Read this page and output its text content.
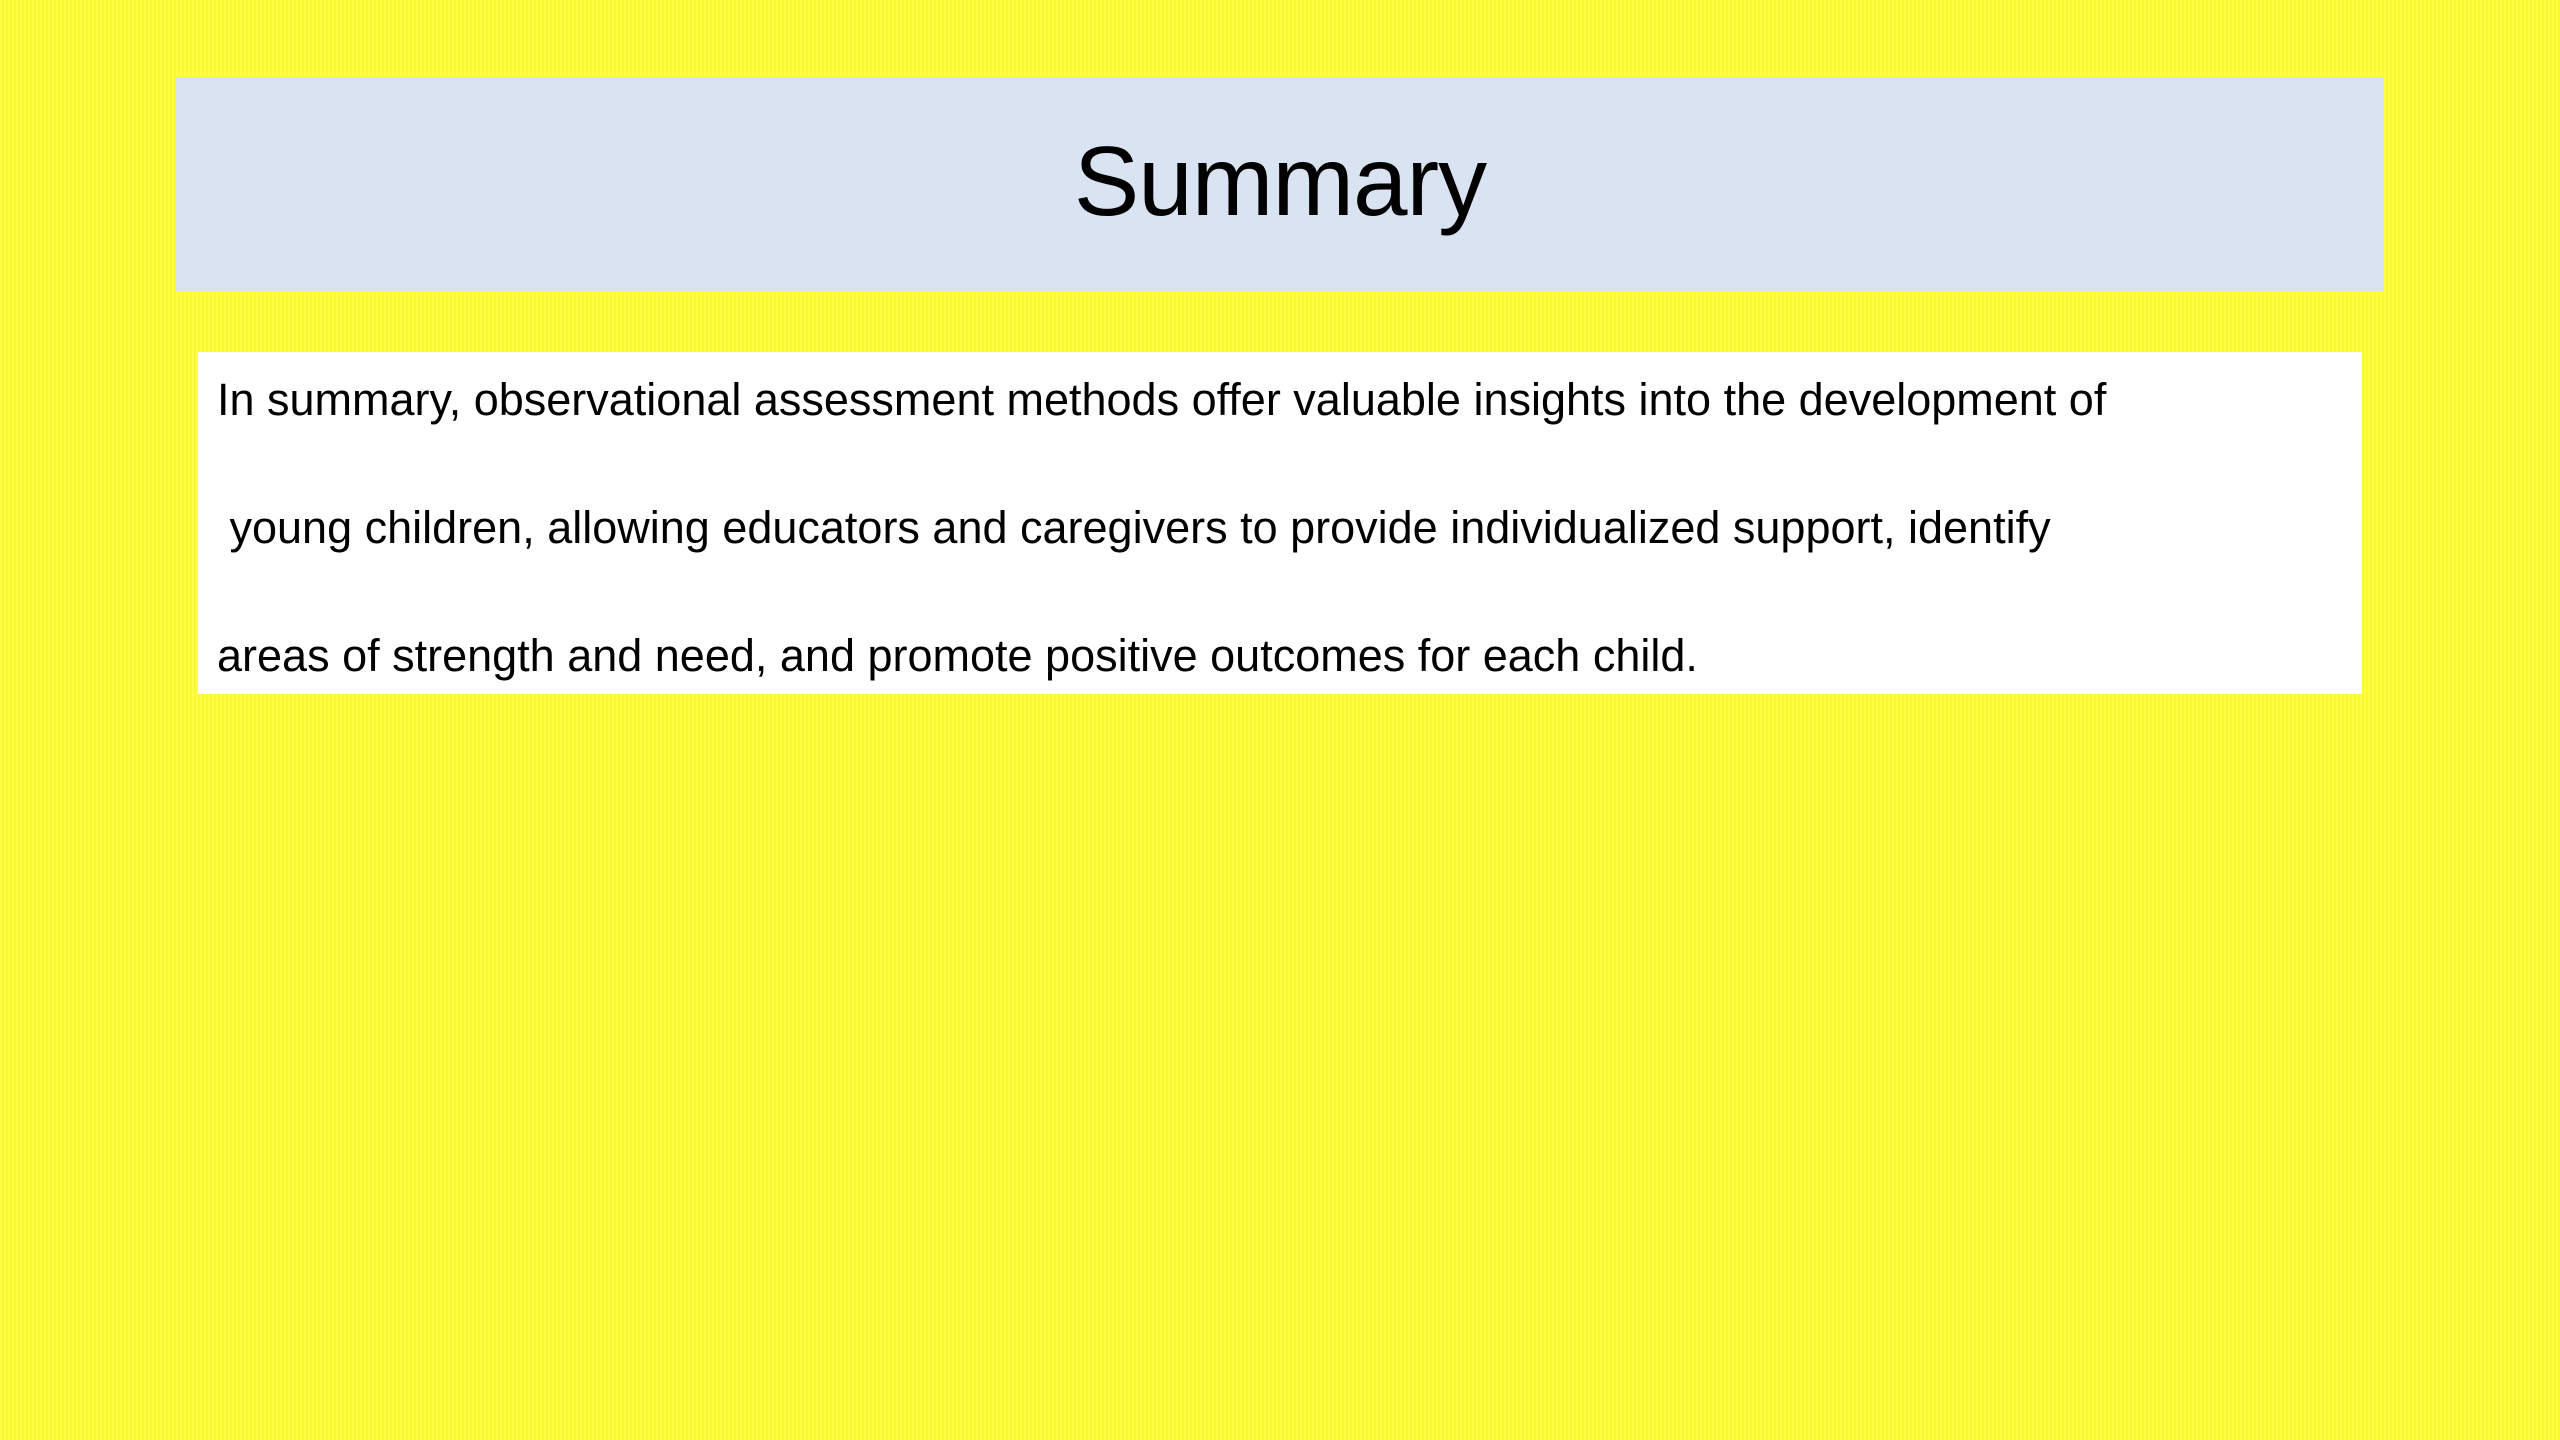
Summary
In summary, observational assessment methods offer valuable insights into the development of
young children, allowing educators and caregivers to provide individualized support, identify
areas of strength and need, and promote positive outcomes for each child.
